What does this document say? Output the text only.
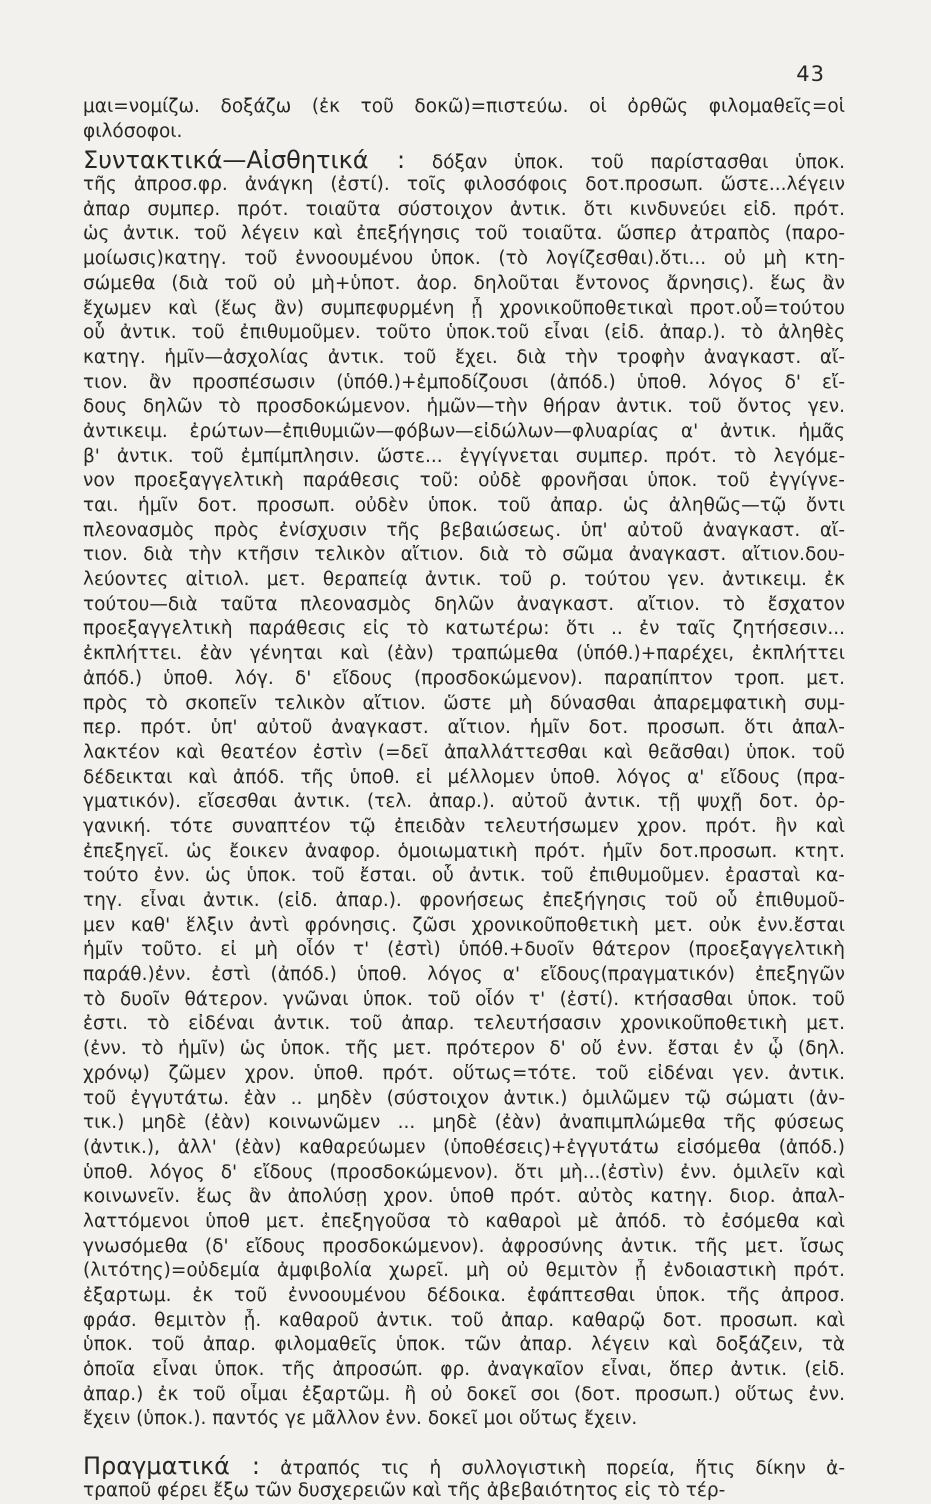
43
μαι=νομίζω. δοξάζω (ἐκ τοῦ δοκῶ)=πιστεύω. οἱ ὀρθῶς φιλομαθεῖς=οἱ
φιλόσοφοι.
Συντακτικά—Αἰσθητικά : δόξαν ὑποκ. τοῦ παρίστασθαι ὑποκ.
τῆς ἀπροσ.φρ. ἀνάγκη (ἐστί). τοῖς φιλοσόφοις δοτ.προσωπ. ὥστε...λέγειν
ἀπαρ συμπερ. πρότ. τοιαῦτα σύστοιχον ἀντικ. ὅτι κινδυνεύει εἰδ. πρότ.
ὡς ἀντικ. τοῦ λέγειν καὶ ἐπεξήγησις τοῦ τοιαῦτα. ὥσπερ ἀτραπὸς (παρο-
μοίωσις)κατηγ. τοῦ ἐννοουμένου ὑποκ. (τὸ λογίζεσθαι).ὅτι... οὐ μὴ κτη-
σώμεθα (διὰ τοῦ οὐ μὴ+ὑποτ. ἀορ. δηλοῦται ἔντονος ἄρνησις). ἕως ἂν
ἔχωμεν καὶ (ἕως ἂν) συμπεφυρμένη ᾖ χρονικοῦποθετικαὶ προτ.οὗ=τούτου
οὗ ἀντικ. τοῦ ἐπιθυμοῦμεν. τοῦτο ὑποκ.τοῦ εἶναι (εἰδ. ἀπαρ.). τὸ ἀληθὲς
κατηγ. ἡμῖν—ἀσχολίας ἀντικ. τοῦ ἔχει. διὰ τὴν τροφὴν ἀναγκαστ. αἴ-
τιον. ἂν προσπέσωσιν (ὑπόθ.)+ἐμποδίζουσι (ἀπόδ.) ὑποθ. λόγος δ' εἴ-
δους δηλῶν τὸ προσδοκώμενον. ἡμῶν—τὴν θήραν ἀντικ. τοῦ ὄντος γεν.
ἀντικειμ. ἐρώτων—ἐπιθυμιῶν—φόβων—εἰδώλων—φλυαρίας α' ἀντικ. ἡμᾶς
β' ἀντικ. τοῦ ἐμπίμπλησιν. ὥστε... ἐγγίγνεται συμπερ. πρότ. τὸ λεγόμε-
νον προεξαγγελτικὴ παράθεσις τοῦ: οὐδὲ φρονῆσαι ὑποκ. τοῦ ἐγγίγνε-
ται. ἡμῖν δοτ. προσωπ. οὐδὲν ὑποκ. τοῦ ἀπαρ. ὡς ἀληθῶς—τῷ ὄντι
πλεονασμὸς πρὸς ἐνίσχυσιν τῆς βεβαιώσεως. ὑπ' αὐτοῦ ἀναγκαστ. αἴ-
τιον. διὰ τὴν κτῆσιν τελικὸν αἴτιον. διὰ τὸ σῶμα ἀναγκαστ. αἴτιον.δου-
λεύοντες αἰτιολ. μετ. θεραπείᾳ ἀντικ. τοῦ ρ. τούτου γεν. ἀντικειμ. ἐκ
τούτου—διὰ ταῦτα πλεονασμὸς δηλῶν ἀναγκαστ. αἴτιον. τὸ ἔσχατον
προεξαγγελτικὴ παράθεσις εἰς τὸ κατωτέρω: ὅτι .. ἐν ταῖς ζητήσεσιν...
ἐκπλήττει. ἐὰν γένηται καὶ (ἐὰν) τραπώμεθα (ὑπόθ.)+παρέχει, ἐκπλήττει
ἀπόδ.) ὑποθ. λόγ. δ' εἴδους (προσδοκώμενον). παραπίπτον τροπ. μετ.
πρὸς τὸ σκοπεῖν τελικὸν αἴτιον. ὥστε μὴ δύνασθαι ἀπαρεμφατικὴ συμ-
περ. πρότ. ὑπ' αὐτοῦ ἀναγκαστ. αἴτιον. ἡμῖν δοτ. προσωπ. ὅτι ἀπαλ-
λακτέον καὶ θεατέον ἐστὶν (=δεῖ ἀπαλλάττεσθαι καὶ θεᾶσθαι) ὑποκ. τοῦ
δέδεικται καὶ ἀπόδ. τῆς ὑποθ. εἰ μέλλομεν ὑποθ. λόγος α' εἴδους (πρα-
γματικόν). εἴσεσθαι ἀντικ. (τελ. ἀπαρ.). αὐτοῦ ἀντικ. τῇ ψυχῇ δοτ. ὀρ-
γανική. τότε συναπτέον τῷ ἐπειδὰν τελευτήσωμεν χρον. πρότ. ἣν καὶ
ἐπεξηγεῖ. ὡς ἔοικεν ἀναφορ. ὁμοιωματικὴ πρότ. ἡμῖν δοτ.προσωπ. κτητ.
τούτο ἐνν. ὡς ὑποκ. τοῦ ἔσται. οὗ ἀντικ. τοῦ ἐπιθυμοῦμεν. ἐρασταὶ κα-
τηγ. εἶναι ἀντικ. (εἰδ. ἀπαρ.). φρονήσεως ἐπεξήγησις τοῦ οὗ ἐπιθυμοῦ-
μεν καθ' ἕλξιν ἀντὶ φρόνησις. ζῶσι χρονικοῦποθετικὴ μετ. οὐκ ἐνν.ἔσται
ἡμῖν τοῦτο. εἰ μὴ οἷόν τ' (ἐστὶ) ὑπόθ.+δυοῖν θάτερον (προεξαγγελτικὴ
παράθ.)ἐνν. ἐστὶ (ἀπόδ.) ὑποθ. λόγος α' εἴδους(πραγματικόν) ἐπεξηγῶν
τὸ δυοῖν θάτερον. γνῶναι ὑποκ. τοῦ οἷόν τ' (ἐστί). κτήσασθαι ὑποκ. τοῦ
ἐστι. τὸ εἰδέναι ἀντικ. τοῦ ἀπαρ. τελευτήσασιν χρονικοῦποθετικὴ μετ.
(ἐνν. τὸ ἡμῖν) ὡς ὑποκ. τῆς μετ. πρότερον δ' οὔ ἐνν. ἔσται ἐν ᾧ (δηλ.
χρόνῳ) ζῶμεν χρον. ὑποθ. πρότ. οὕτως=τότε. τοῦ εἰδέναι γεν. ἀντικ.
τοῦ ἐγγυτάτω. ἐὰν .. μηδὲν (σύστοιχον ἀντικ.) ὁμιλῶμεν τῷ σώματι (ἀν-
τικ.) μηδὲ (ἐὰν) κοινωνῶμεν ... μηδὲ (ἐὰν) ἀναπιμπλώμεθα τῆς φύσεως
(ἀντικ.), ἀλλ' (ἐὰν) καθαρεύωμεν (ὑποθέσεις)+ἐγγυτάτω εἰσόμεθα (ἀπόδ.)
ὑποθ. λόγος δ' εἴδους (προσδοκώμενον). ὅτι μὴ...(ἐστὶν) ἐνν. ὁμιλεῖν καὶ
κοινωνεῖν. ἕως ἂν ἀπολύσῃ χρον. ὑποθ πρότ. αὐτὸς κατηγ. διορ. ἀπαλ-
λαττόμενοι ὑποθ μετ. ἐπεξηγοῦσα τὸ καθαροὶ μὲ ἀπόδ. τὸ ἐσόμεθα καὶ
γνωσόμεθα (δ' εἴδους προσδοκώμενον). ἀφροσύνης ἀντικ. τῆς μετ. ἴσως
(λιτότης)=οὐδεμία ἀμφιβολία χωρεῖ. μὴ οὐ θεμιτὸν ᾖ ἐνδοιαστικὴ πρότ.
ἐξαρτωμ. ἐκ τοῦ ἐννοουμένου δέδοικα. ἐφάπτεσθαι ὑποκ. τῆς ἀπροσ.
φράσ. θεμιτὸν ᾖ. καθαροῦ ἀντικ. τοῦ ἀπαρ. καθαρῷ δοτ. προσωπ. καὶ
ὑποκ. τοῦ ἀπαρ. φιλομαθεῖς ὑποκ. τῶν ἀπαρ. λέγειν καὶ δοξάζειν, τὰ
ὁποῖα εἶναι ὑποκ. τῆς ἀπροσώπ. φρ. ἀναγκαῖον εἶναι, ὅπερ ἀντικ. (εἰδ.
ἀπαρ.) ἐκ τοῦ οἶμαι ἐξαρτῶμ. ἢ οὐ δοκεῖ σοι (δοτ. προσωπ.) οὕτως ἐνν.
ἔχειν (ὑποκ.). παντός γε μᾶλλον ἐνν. δοκεῖ μοι οὕτως ἔχειν.
Πραγματικά : ἀτραπός τις ἡ συλλογιστικὴ πορεία, ἥτις δίκην ἀ-
τραποῦ φέρει ἔξω τῶν δυσχερειῶν καὶ τῆς ἀβεβαιότητος εἰς τὸ τέρ-
